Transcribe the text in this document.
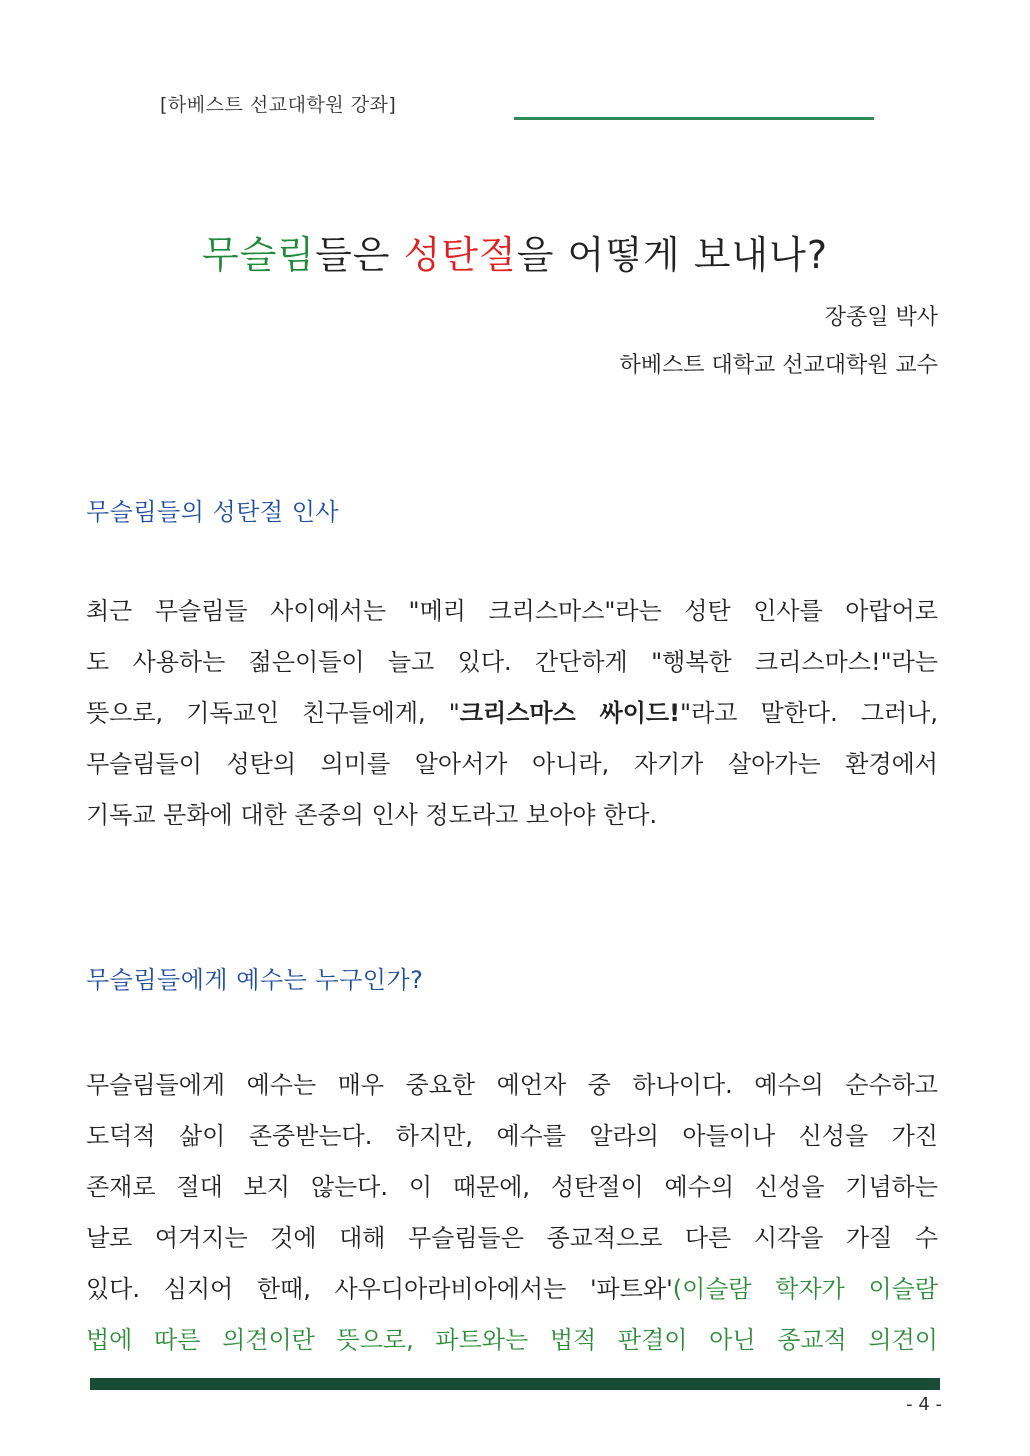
[하베스트 선교대학원 강좌]
무슬림들은 성탄절을 어떻게 보내나?
장종일 박사
하베스트 대학교 선교대학원 교수
무슬림들의 성탄절 인사
최근 무슬림들 사이에서는 "메리 크리스마스"라는 성탄 인사를 아랍어로
도 사용하는 젊은이들이 늘고 있다. 간단하게 "행복한 크리스마스!"라는
뜻으로, 기독교인 친구들에게, "크리스마스 싸이드!"라고 말한다. 그러나,
무슬림들이 성탄의 의미를 알아서가 아니라, 자기가 살아가는 환경에서
기독교 문화에 대한 존중의 인사 정도라고 보아야 한다.
무슬림들에게 예수는 누구인가?
무슬림들에게 예수는 매우 중요한 예언자 중 하나이다. 예수의 순수하고
도덕적 삶이 존중받는다. 하지만, 예수를 알라의 아들이나 신성을 가진
존재로 절대 보지 않는다. 이 때문에, 성탄절이 예수의 신성을 기념하는
날로 여겨지는 것에 대해 무슬림들은 종교적으로 다른 시각을 가질 수
있다. 심지어 한때, 사우디아라비아에서는 '파트와'(이슬람 학자가 이슬람
법에 따른 의견이란 뜻으로, 파트와는 법적 판결이 아닌 종교적 의견이
- 4 -
